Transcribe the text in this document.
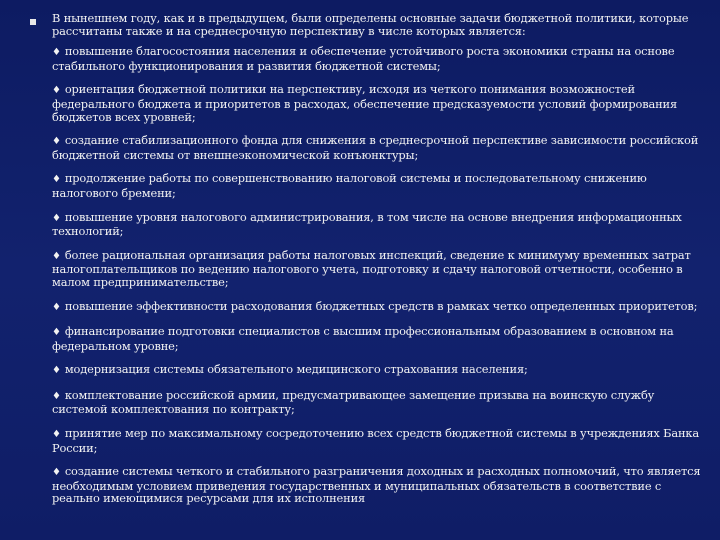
В нынешнем году, как и в предыдущем, были определены основные задачи бюджетной политики, которые рассчитаны также и на среднесрочную перспективу в числе которых является:

♦ повышение благосостояния населения и обеспечение устойчивого роста экономики страны на основе стабильного функционирования и развития бюджетной системы;

♦ ориентация бюджетной политики на перспективу, исходя из четкого понимания возможностей федерального бюджета и приоритетов в расходах, обеспечение предсказуемости условий формирования бюджетов всех уровней;

♦ создание стабилизационного фонда для снижения в среднесрочной перспективе зависимости российской бюджетной системы от внешнеэкономической конъюнктуры;

♦ продолжение работы по совершенствованию налоговой системы и последовательному снижению налогового бремени;

♦ повышение уровня налогового администрирования, в том числе на основе внедрения информационных технологий;

♦ более рациональная организация работы налоговых инспекций, сведение к минимуму временных затрат налогоплательщиков по ведению налогового учета, подготовку и сдачу налоговой отчетности, особенно в малом предпринимательстве;

♦ повышение эффективности расходования бюджетных средств в рамках четко определенных приоритетов;

♦ финансирование подготовки специалистов с высшим профессиональным образованием в основном на федеральном уровне;

♦ модернизация системы обязательного медицинского страхования населения;

♦ комплектование российской армии, предусматривающее замещение призыва на воинскую службу системой комплектования по контракту;

♦ принятие мер по максимальному сосредоточению всех средств бюджетной системы в учреждениях Банка России;

♦ создание системы четкого и стабильного разграничения доходных и расходных полномочий, что является необходимым условием приведения государственных и муниципальных обязательств в соответствие с реально имеющимися ресурсами для их исполнения
